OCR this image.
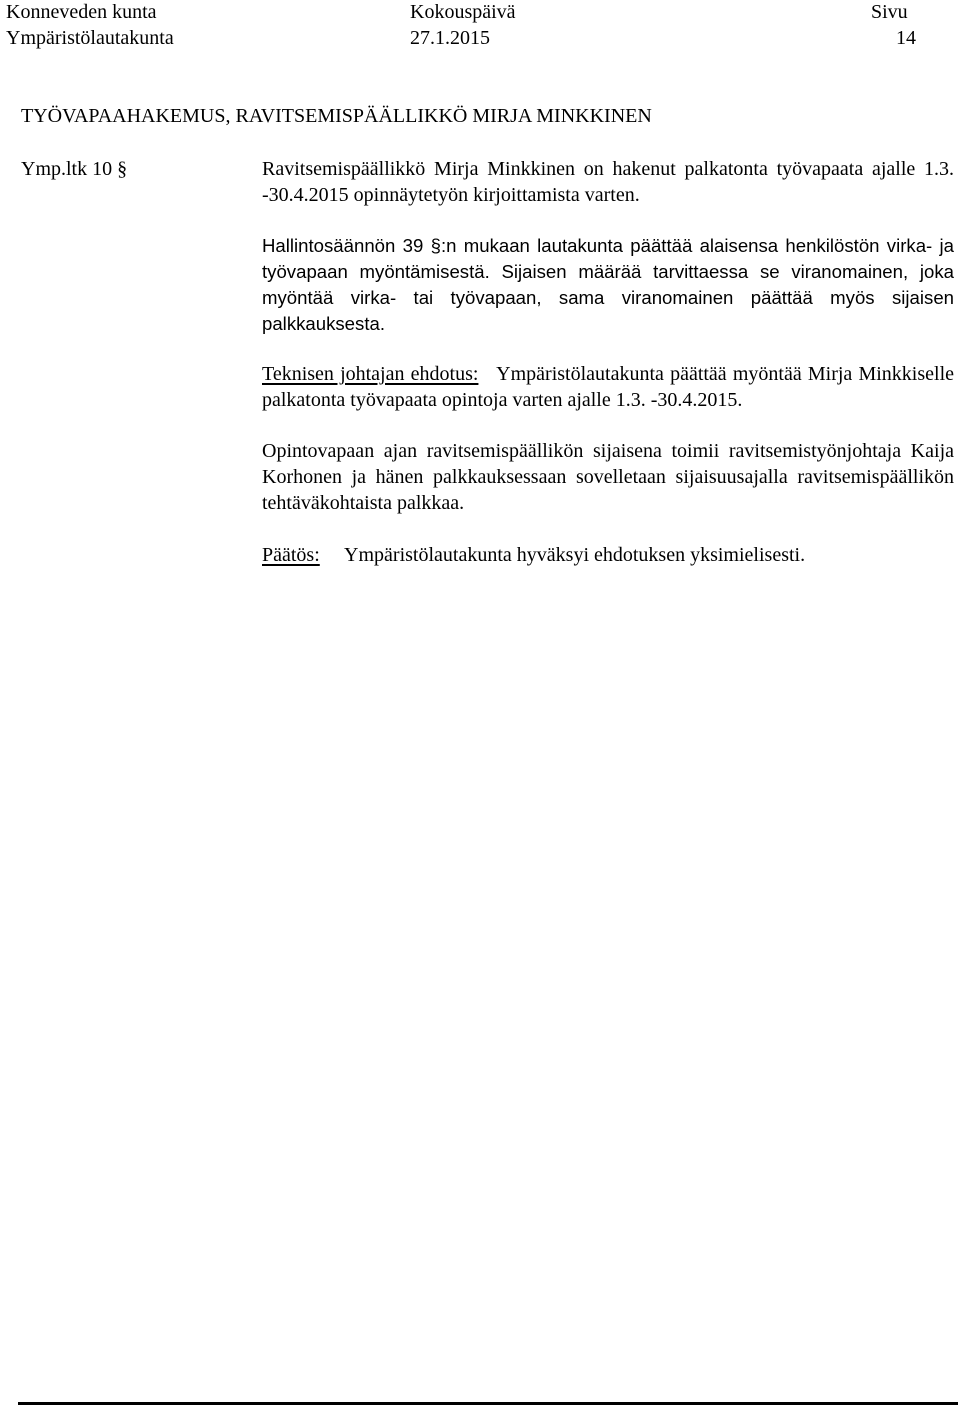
Konneveden kunta
Ympäristölautakunta
Kokouspäivä
27.1.2015
Sivu
14
TYÖVAPAAHAKEMUS, RAVITSEMISPÄÄLLIKKÖ MIRJA MINKKINEN
Ymp.ltk 10 §	Ravitsemispäällikkö Mirja Minkkinen on hakenut palkatonta työvapaata ajalle 1.3. -30.4.2015 opinnäytetyön kirjoittamista varten.

Hallintosäännön 39 §:n mukaan lautakunta päättää alaisensa henkilöstön virka- ja työvapaan myöntämisestä. Sijaisen määrää tarvittaessa se viranomainen, joka myöntää virka- tai työvapaan, sama viranomainen päättää myös sijaisen palkkauksesta.

Teknisen johtajan ehdotus: Ympäristölautakunta päättää myöntää Mirja Minkkiselle palkatonta työvapaata opintoja varten ajalle 1.3. -30.4.2015.

Opintovapaan ajan ravitsemispäällikön sijaisena toimii ravitsemistyönjohtaja Kaija Korhonen ja hänen palkkauksessaan sovelletaan sijaisuusajalla ravitsemispäällikön tehtäväkohtaista palkkaa.

Päätös: Ympäristölautakunta hyväksyi ehdotuksen yksimielisesti.
